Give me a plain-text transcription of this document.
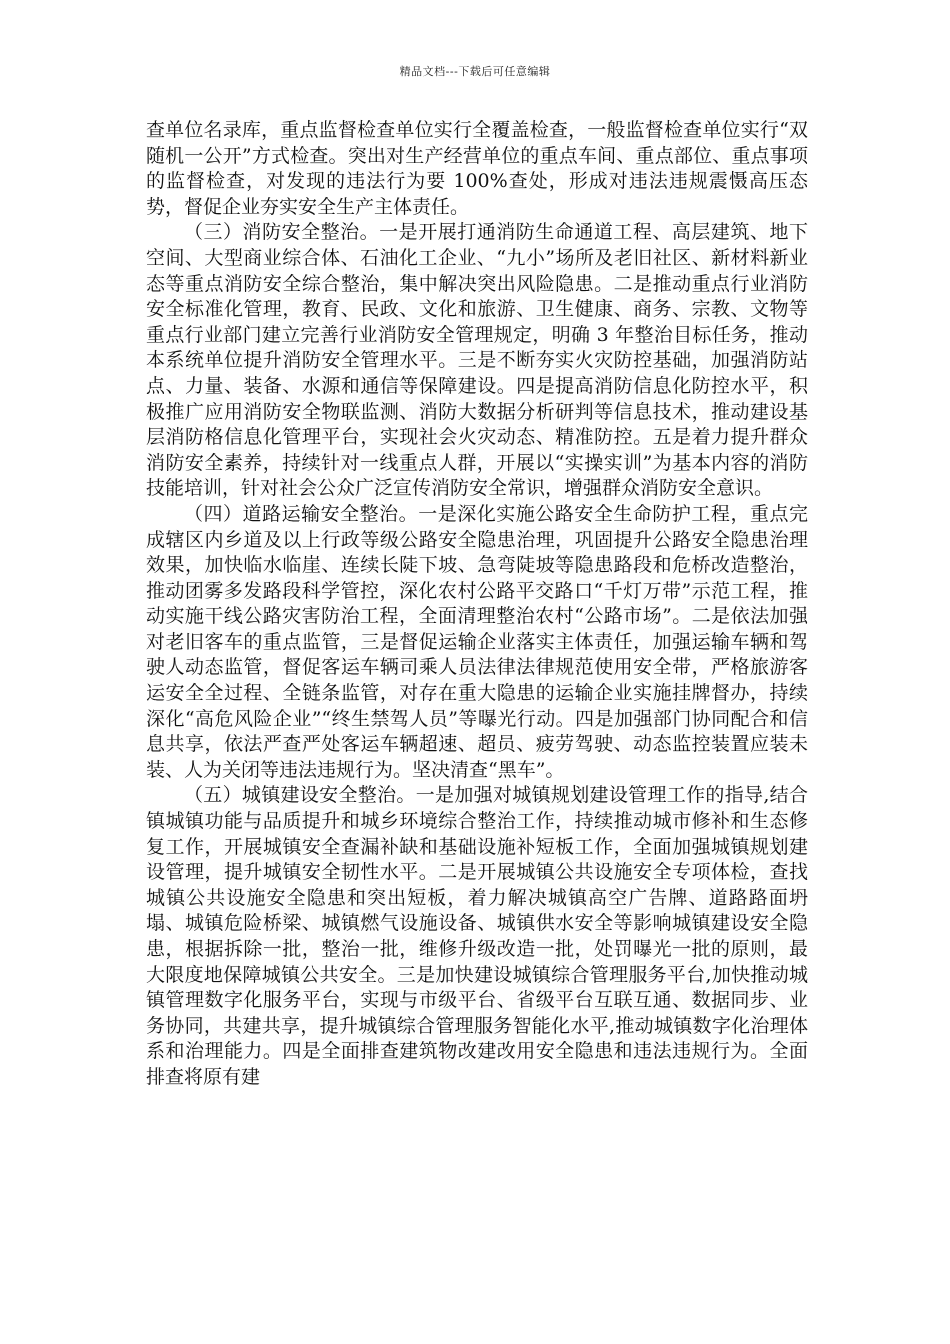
精品文档---下载后可任意编辑

查单位名录库，重点监督检查单位实行全覆盖检查，一般监督检查单位实行“双随机一公开”方式检查。突出对生产经营单位的重点车间、重点部位、重点事项的监督检查，对发现的违法行为要 100%查处，形成对违法违规震慑高压态势，督促企业夯实安全生产主体责任。

（三）消防安全整治。一是开展打通消防生命通道工程、高层建筑、地下空间、大型商业综合体、石油化工企业、“九小”场所及老旧社区、新材料新业态等重点消防安全综合整治，集中解决突出风险隐患。二是推动重点行业消防安全标准化管理，教育、民政、文化和旅游、卫生健康、商务、宗教、文物等重点行业部门建立完善行业消防安全管理规定，明确 3 年整治目标任务，推动本系统单位提升消防安全管理水平。三是不断夯实火灾防控基础，加强消防站点、力量、装备、水源和通信等保障建设。四是提高消防信息化防控水平，积极推广应用消防安全物联监测、消防大数据分析研判等信息技术，推动建设基层消防格信息化管理平台，实现社会火灾动态、精准防控。五是着力提升群众消防安全素养，持续针对一线重点人群，开展以“实操实训”为基本内容的消防技能培训，针对社会公众广泛宣传消防安全常识，增强群众消防安全意识。

（四）道路运输安全整治。一是深化实施公路安全生命防护工程，重点完成辖区内乡道及以上行政等级公路安全隐患治理，巩固提升公路安全隐患治理效果，加快临水临崖、连续长陡下坡、急弯陡坡等隐患路段和危桥改造整治，推动团雾多发路段科学管控，深化农村公路平交路口“千灯万带”示范工程，推动实施干线公路灾害防治工程，全面清理整治农村“公路市场”。二是依法加强对老旧客车的重点监管，三是督促运输企业落实主体责任，加强运输车辆和驾驶人动态监管，督促客运车辆司乘人员法律法律规范使用安全带，严格旅游客运安全全过程、全链条监管，对存在重大隐患的运输企业实施挂牌督办，持续深化“高危风险企业”“终生禁驾人员”等曝光行动。四是加强部门协同配合和信息共享，依法严查严处客运车辆超速、超员、疲劳驾驶、动态监控装置应装未装、人为关闭等违法违规行为。坚决清查“黑车”。

（五）城镇建设安全整治。一是加强对城镇规划建设管理工作的指导,结合镇城镇功能与品质提升和城乡环境综合整治工作，持续推动城市修补和生态修复工作，开展城镇安全查漏补缺和基础设施补短板工作，全面加强城镇规划建设管理，提升城镇安全韧性水平。二是开展城镇公共设施安全专项体检，查找城镇公共设施安全隐患和突出短板，着力解决城镇高空广告牌、道路路面坍塌、城镇危险桥梁、城镇燃气设施设备、城镇供水安全等影响城镇建设安全隐患，根据拆除一批，整治一批，维修升级改造一批，处罚曝光一批的原则，最大限度地保障城镇公共安全。三是加快建设城镇综合管理服务平台,加快推动城镇管理数字化服务平台，实现与市级平台、省级平台互联互通、数据同步、业务协同，共建共享，提升城镇综合管理服务智能化水平,推动城镇数字化治理体系和治理能力。四是全面排查建筑物改建改用安全隐患和违法违规行为。全面排查将原有建
